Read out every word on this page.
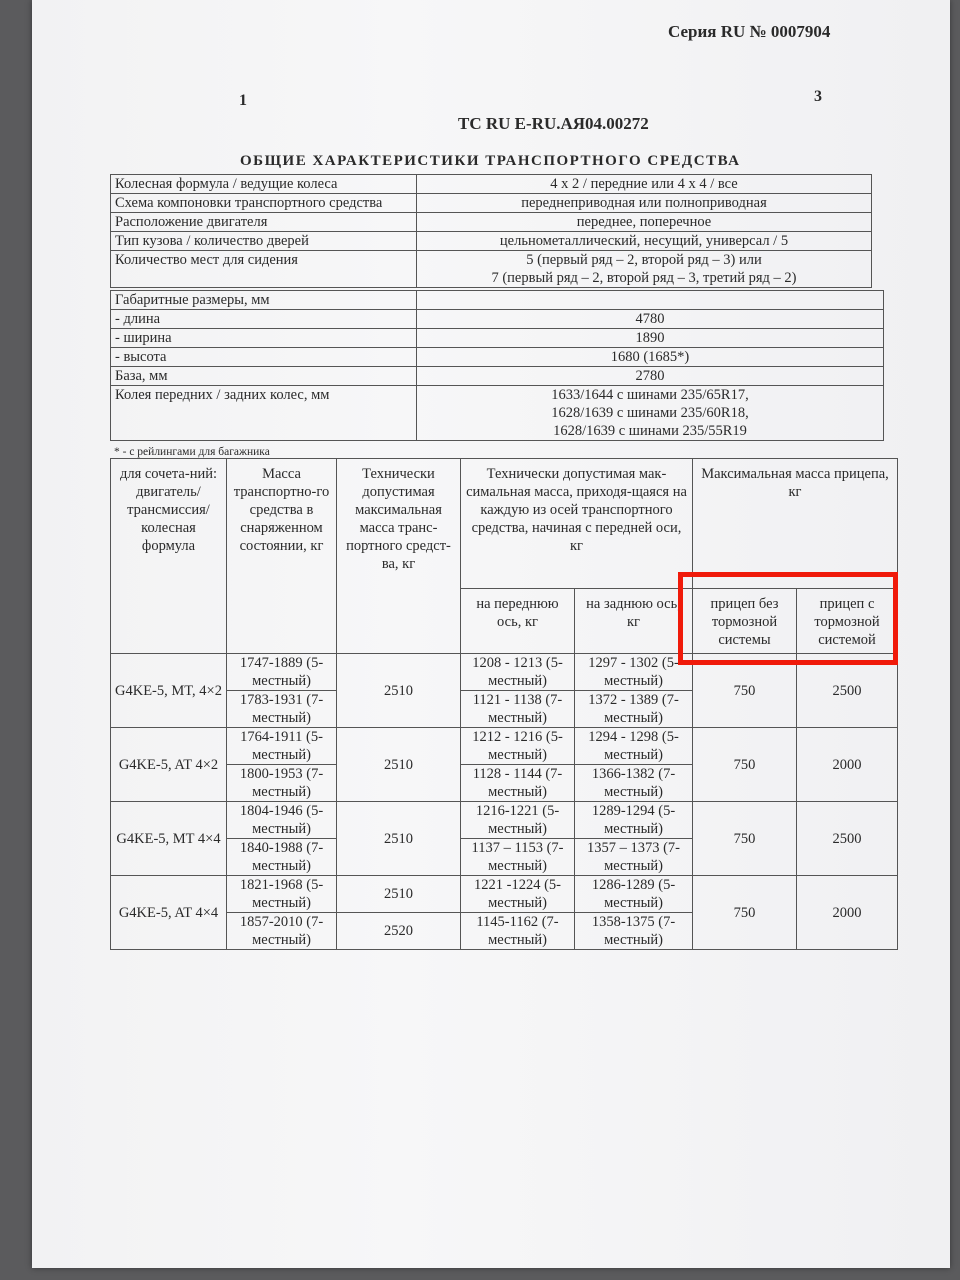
Серия RU № 0007904
1	3
ТС RU E-RU.АЯ04.00272
ОБЩИЕ ХАРАКТЕРИСТИКИ ТРАНСПОРТНОГО СРЕДСТВА
Колесная формула / ведущие колеса	4 x 2 / передние или 4 x 4 / все
Схема компоновки транспортного средства	переднеприводная или полноприводная
Расположение двигателя	переднее, поперечное
Тип кузова / количество дверей	цельнометаллический, несущий, универсал / 5
Количество мест для сидения	5 (первый ряд – 2, второй ряд – 3) или
7 (первый ряд – 2, второй ряд – 3, третий ряд – 2)
Габаритные размеры, мм	
- длина	4780
- ширина	1890
- высота	1680 (1685*)
База, мм	2780
Колея передних / задних колес, мм	1633/1644 с шинами 235/65R17,
1628/1639 с шинами 235/60R18,
1628/1639 с шинами 235/55R19
* - с рейлингами для багажника
для сочета-ний: двигатель/ трансмиссия/ колесная формула	Масса транспортно-го средства в снаряженном состоянии, кг	Технически допустимая максимальная масса транс-портного средст-ва, кг	Технически допустимая мак-симальная масса, приходя-щаяся на каждую из осей транспортного средства, начиная с передней оси, кг		Максимальная масса прицепа, кг	
			на переднюю ось, кг	на заднюю ось, кг	прицеп без тормозной системы	прицеп с тормозной системой
G4KE-5, MT, 4×2	1747-1889 (5-местный)	2510	1208 - 1213 (5-местный)	1297 - 1302 (5-местный)	750	2500
	1783-1931 (7-местный)		1121 - 1138 (7-местный)	1372 - 1389 (7-местный)		
G4KE-5, AT 4×2	1764-1911 (5-местный)	2510	1212 - 1216 (5-местный)	1294 - 1298 (5-местный)	750	2000
	1800-1953 (7-местный)		1128 - 1144 (7-местный)	1366-1382 (7-местный)		
G4KE-5, MT 4×4	1804-1946 (5-местный)	2510	1216-1221 (5-местный)	1289-1294 (5-местный)	750	2500
	1840-1988 (7-местный)		1137 – 1153 (7-местный)	1357 – 1373 (7-местный)		
G4KE-5, AT 4×4	1821-1968 (5-местный)	2510	1221 -1224 (5-местный)	1286-1289 (5-местный)	750	2000
	1857-2010 (7-местный)	2520	1145-1162 (7-местный)	1358-1375 (7-местный)		
